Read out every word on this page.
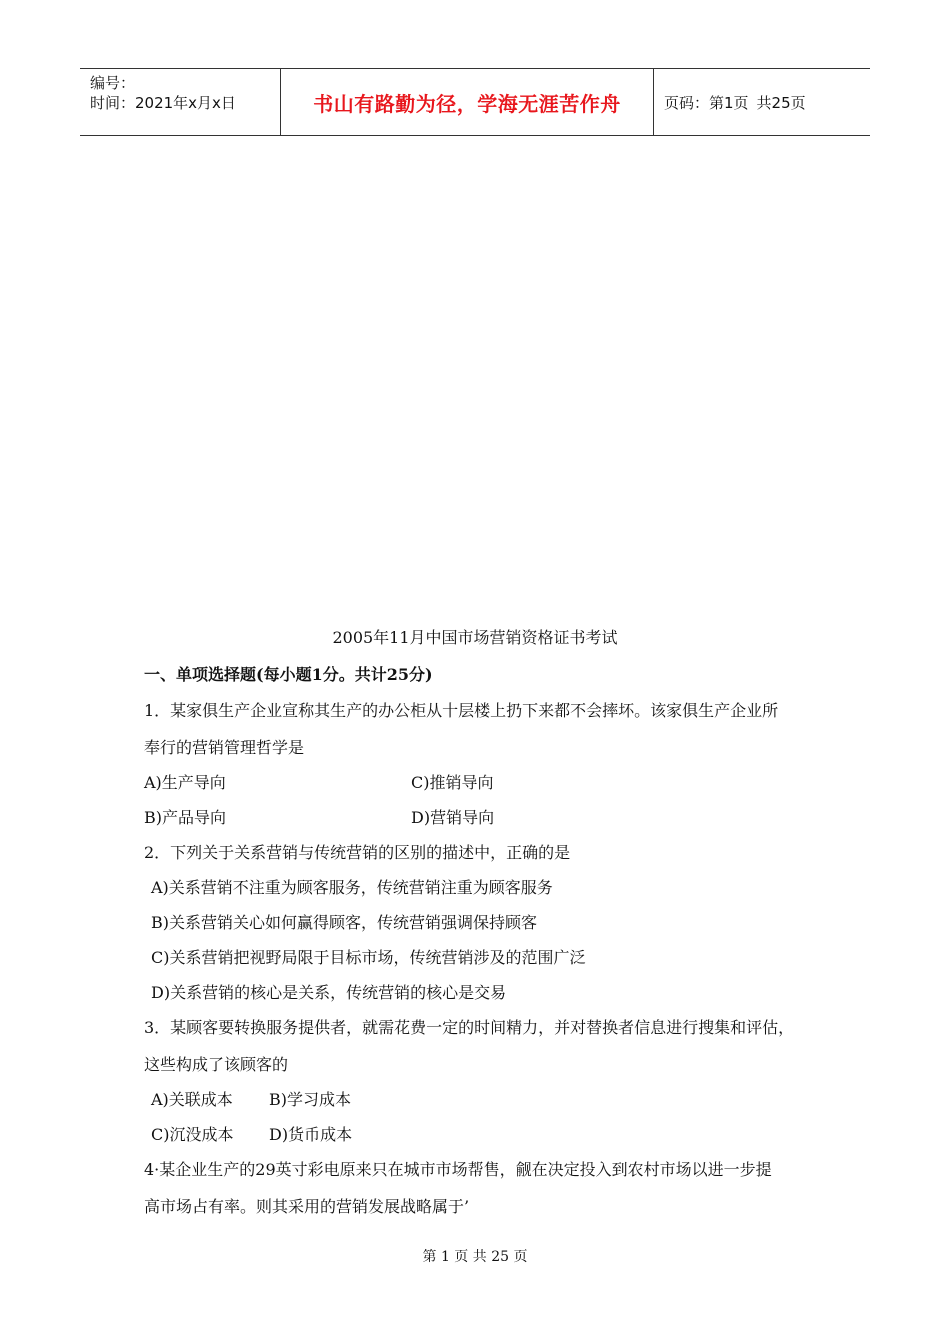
编号：
时间：2021年x月x日	书山有路勤为径，学海无涯苦作舟	页码：第1页 共25页
2005年11月中国市场营销资格证书考试
一、单项选择题(每小题1分。共计25分)
1．某家俱生产企业宣称其生产的办公柜从十层楼上扔下来都不会摔坏。该家俱生产企业所
奉行的营销管理哲学是
A)生产导向	C)推销导向
B)产品导向	D)营销导向
2．下列关于关系营销与传统营销的区别的描述中，正确的是
A)关系营销不注重为顾客服务，传统营销注重为顾客服务
B)关系营销关心如何赢得顾客，传统营销强调保持顾客
C)关系营销把视野局限于目标市场，传统营销涉及的范围广泛
D)关系营销的核心是关系，传统营销的核心是交易
3．某顾客要转换服务提供者，就需花费一定的时间精力，并对替换者信息进行搜集和评估，
这些构成了该顾客的
A)关联成本 B)学习成本
C)沉没成本 D)货币成本
4·某企业生产的29英寸彩电原来只在城市市场帮售，觎在决定投入到农村市场以进一步提
高市场占有率。则其采用的营销发展战略属于’
第 1 页 共 25 页
